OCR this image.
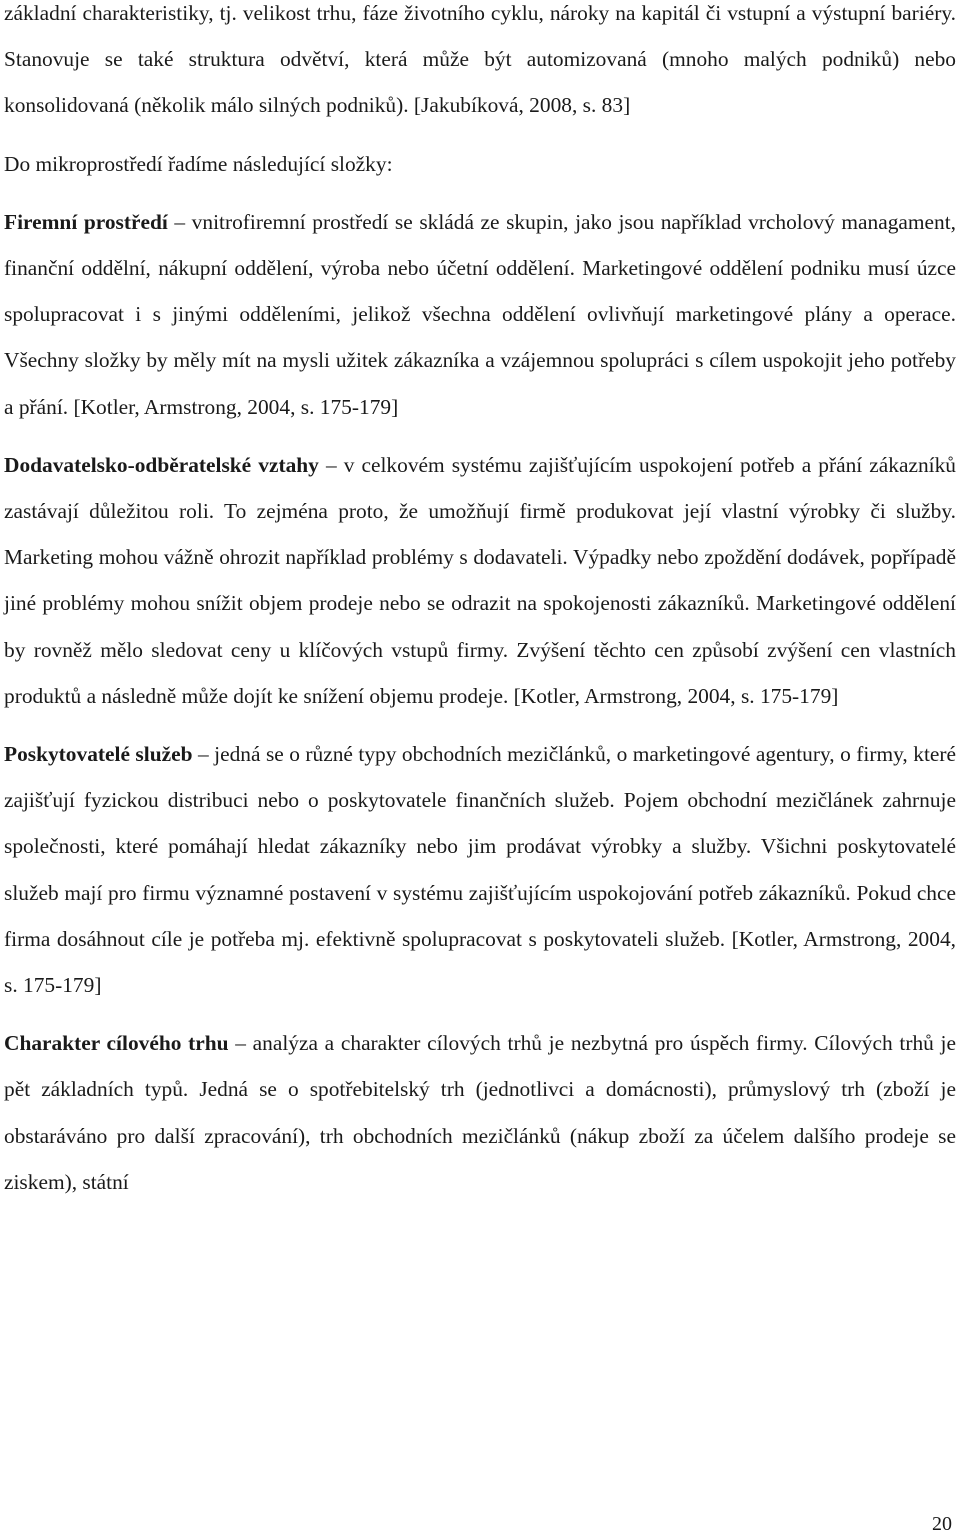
základní charakteristiky, tj. velikost trhu, fáze životního cyklu, nároky na kapitál či vstupní a výstupní bariéry. Stanovuje se také struktura odvětví, která může být automizovaná (mnoho malých podniků) nebo konsolidovaná (několik málo silných podniků). [Jakubíková, 2008, s. 83]

Do mikroprostředí řadíme následující složky:

Firemní prostředí – vnitrofiremní prostředí se skládá ze skupin, jako jsou například vrcholový managament, finanční oddělní, nákupní oddělení, výroba nebo účetní oddělení. Marketingové oddělení podniku musí úzce spolupracovat i s jinými odděleními, jelikož všechna oddělení ovlivňují marketingové plány a operace. Všechny složky by měly mít na mysli užitek zákazníka a vzájemnou spolupráci s cílem uspokojit jeho potřeby a přání. [Kotler, Armstrong, 2004, s. 175-179]

Dodavatelsko-odběratelské vztahy – v celkovém systému zajišťujícím uspokojení potřeb a přání zákazníků zastávají důležitou roli. To zejména proto, že umožňují firmě produkovat její vlastní výrobky či služby. Marketing mohou vážně ohrozit například problémy s dodavateli. Výpadky nebo zpoždění dodávek, popřípadě jiné problémy mohou snížit objem prodeje nebo se odrazit na spokojenosti zákazníků. Marketingové oddělení by rovněž mělo sledovat ceny u klíčových vstupů firmy. Zvýšení těchto cen způsobí zvýšení cen vlastních produktů a následně může dojít ke snížení objemu prodeje. [Kotler, Armstrong, 2004, s. 175-179]

Poskytovatelé služeb – jedná se o různé typy obchodních mezičlánků, o marketingové agentury, o firmy, které zajišťují fyzickou distribuci nebo o poskytovatele finančních služeb. Pojem obchodní mezičlánek zahrnuje společnosti, které pomáhají hledat zákazníky nebo jim prodávat výrobky a služby. Všichni poskytovatelé služeb mají pro firmu významné postavení v systému zajišťujícím uspokojování potřeb zákazníků. Pokud chce firma dosáhnout cíle je potřeba mj. efektivně spolupracovat s poskytovateli služeb. [Kotler, Armstrong, 2004, s. 175-179]

Charakter cílového trhu – analýza a charakter cílových trhů je nezbytná pro úspěch firmy. Cílových trhů je pět základních typů. Jedná se o spotřebitelský trh (jednotlivci a domácnosti), průmyslový trh (zboží je obstaráváno pro další zpracování), trh obchodních mezičlánků (nákup zboží za účelem dalšího prodeje se ziskem), státní

20
